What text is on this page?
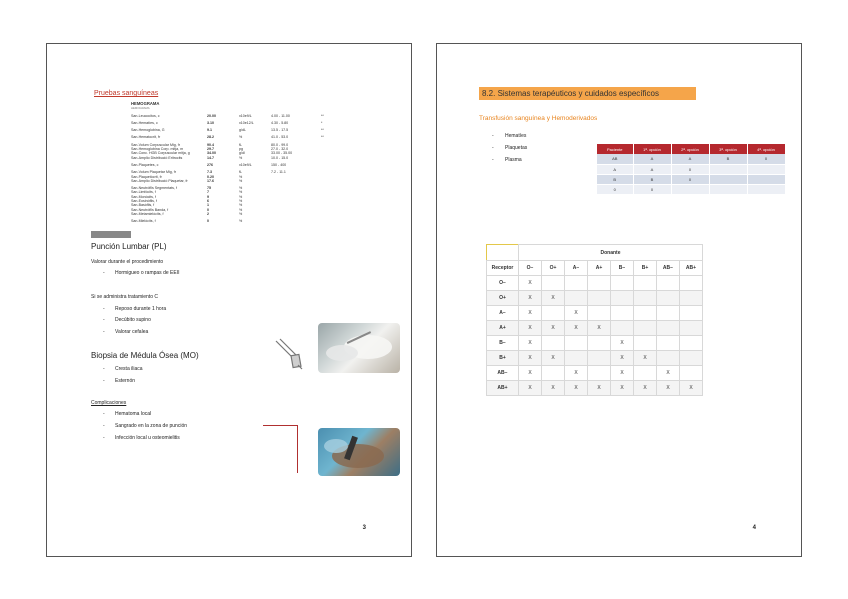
Pruebas sanguíneas
HEMOGRAMA
HEMOGRAMA
San-Leucocitos, c	20.00	x10e9/L	4.00 - 11.00	**
San-Hematíes, c	3.10	x10e12/L	4.30 - 5.80	*
San-Hemoglobina, G	9.1	g/dL	13.5 - 17.5	**
San-Hematocrit, fr	28.2	%	41.0 - 53.0	**
San-Volum Corpuscular Mig, fr	90.4	fL	80.0 - 99.0
San-Hemoglobina Corp. mitja, m	29.7	pg	27.0 - 32.0
San-Conc. HGB Corpuscular mitja, g	34.00	g/dl	33.00 - 35.00
San-Amplio Distribució Eritrocits	14.7	%	10.0 - 15.0
San-Plaquetes, c	276	x10e9/L	150 - 400
San-Volum Plaquetar Mig, fr	7.3	fL	7.2 - 11.1
San-Plaquetòcrit, fr	0.20	%
San-Amplio Distribució Plaquetar, fr	17.6	%
San-Neutròfils Segmentats, f	75	%
San-Limfòcits, f	7	%
San-Monòcits, f	9	%
San-Eosinòfils, f	6	%
San-Basòfils, f	1	%
San-Neutròfils Banda, f	0	%
San-Metamielòcits, f	2	%
San-Mielòcits, f	0	%
Punción Lumbar (PL)
Valorar durante el procedimiento
- Hormigueo o rampas de EEII
Si se administra tratamiento C
- Reposo durante 1 hora
- Decúbito supino
- Valorar cefalea
Biopsia de Médula Ósea (MO)
- Cresta iliaca
- Esternón
Complicaciones
- Hematoma local
- Sangrado en la zona de punción
- Infección local u osteomielitis
3
8.2. Sistemas terapéuticos y cuidados específicos
Transfusión sanguínea y Hemoderivados
- Hematíes
- Plaquetas
- Plasma
Paciente	1ª. opción	2ª. opción	3ª. opción	4ª. opción
AB	A	A	B	0
A	A	0		
B	B	0		
0	0			
	Donante							
Receptor	O−	O+	A−	A+	B−	B+	AB−	AB+
O−	X							
O+	X	X						
A−	X		X					
A+	X	X	X	X				
B−	X				X			
B+	X	X			X	X		
AB−	X		X		X		X	
AB+	X	X	X	X	X	X	X	X
4
